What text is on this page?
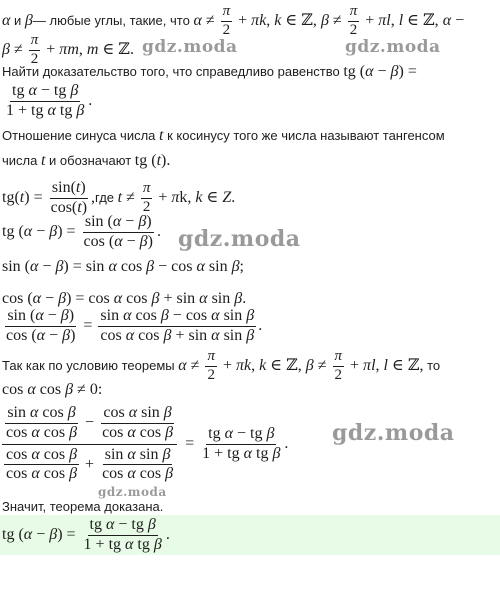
α и β— любые углы, такие, что $\alpha \ne \frac{\pi}{2} + \pi k$, k ∈ ℤ, $\beta \ne \frac{\pi}{2} + \pi l$, l ∈ ℤ, α −
$\beta \ne \frac{\pi}{2} + \pi m$, m ∈ ℤ. gdz.moda	gdz.moda
Найти доказательство того, что справедливо равенство tg (α − β) =
$\frac{\text{tg α − tg β}}{\text{1 + tg α tg β}}$ .
Отношение синуса числа t к косинусу того же числа называют тангенсом
числа t и обозначают tg (t).
$tg(t) = \frac{\sin(t)}{\cos(t)} ,где$ $t \ne \frac{\pi}{2} + \pi k$, k ∈ Z.
tg $(\alpha - \beta) = \frac{\sin (\alpha - \beta)}{\cos (\alpha - \beta)}$ . gdz.moda
sin (α − β) = sin α cos β − cos α sin β;
cos (α − β) = cos α cos β + sin α sin β.
$\frac{\sin (\alpha - \beta)}{\cos (\alpha - \beta)} = \frac{\text{sin α cos β − cos α sin β}}{\text{cos α cos β + sin α sin β}}$ .
Так как по условию теоремы $\alpha \ne \frac{\pi}{2} + \pi k$, k ∈ ℤ, $\beta \ne \frac{\pi}{2} + \pi l$, l ∈ ℤ, то
cos α cos β ≠ 0:
$\frac{\text{sin α cos β}}{\text{cos α cos β}} - \frac{\text{cos α sin β}}{\text{cos α cos β}}$
$\frac{\text{cos α cos β}}{\text{cos α cos β}} + \frac{\text{sin α sin β}}{\text{cos α cos β}}$
= $\frac{\text{tg α − tg β}}{\text{1 + tg α tg β}}$ . gdz.moda
gdz.moda
Значит, теорема доказана.
tg $(\alpha - \beta) = \frac{\text{tg α − tg β}}{\text{1 + tg α tg β}}$ .
